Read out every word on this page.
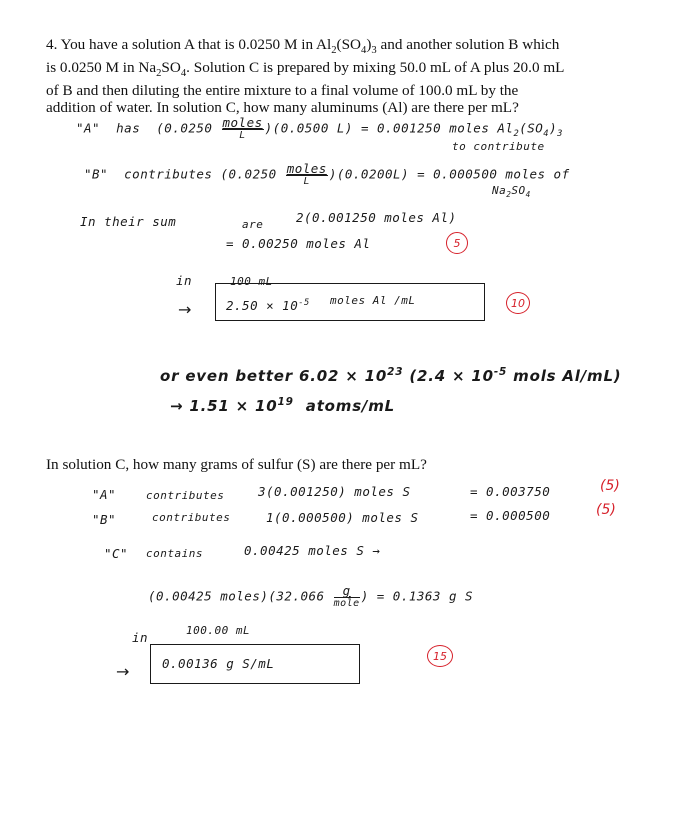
4. You have a solution A that is 0.0250 M in $Al_2(SO_4)_3$ and another solution B which
is 0.0250 M in $Na_2SO_4$. Solution C is prepared by mixing 50.0 mL of A plus 20.0 mL
of B and then diluting the entire mixture to a final volume of 100.0 mL by the
addition of water. In solution C, how many aluminums (Al) are there per mL?
"A" has $(0.0250 \frac{\text{moles}}{L} )(0.0500$ L) = 0.001250 moles $Al_2(SO_4)_3$
to contribute
"B" contributes $(0.0250 \frac{\text{moles}}{L} )(0.0200L) = 0.000500$ moles of
$Na_2SO_4$
In their sum	are	2(0.001250 moles Al)
= 0.00250 moles Al	5
in	100 mL
→	$2.50 \times 10^{-5}$ moles Al /mL	10
or even better $6.02 \times 10^{23}$ ($2.4 \times 10^{-5}$ mols Al/mL)
→ $1.51 \times 10^{19}$ atoms/mL
In solution C, how many grams of sulfur (S) are there per mL?
"A"	contributes	3(0.001250) moles S	= 0.003750	(5)
"B"	contributes	1(0.000500) moles S	= 0.000500	(5)
"C" contains	0.00425 moles S →
(0.00425 moles)(32.066 $\frac{g}{\text{mole}}$ ) = 0.1363 g S
in	100.00 mL
→	0.00136 g S/mL	15
